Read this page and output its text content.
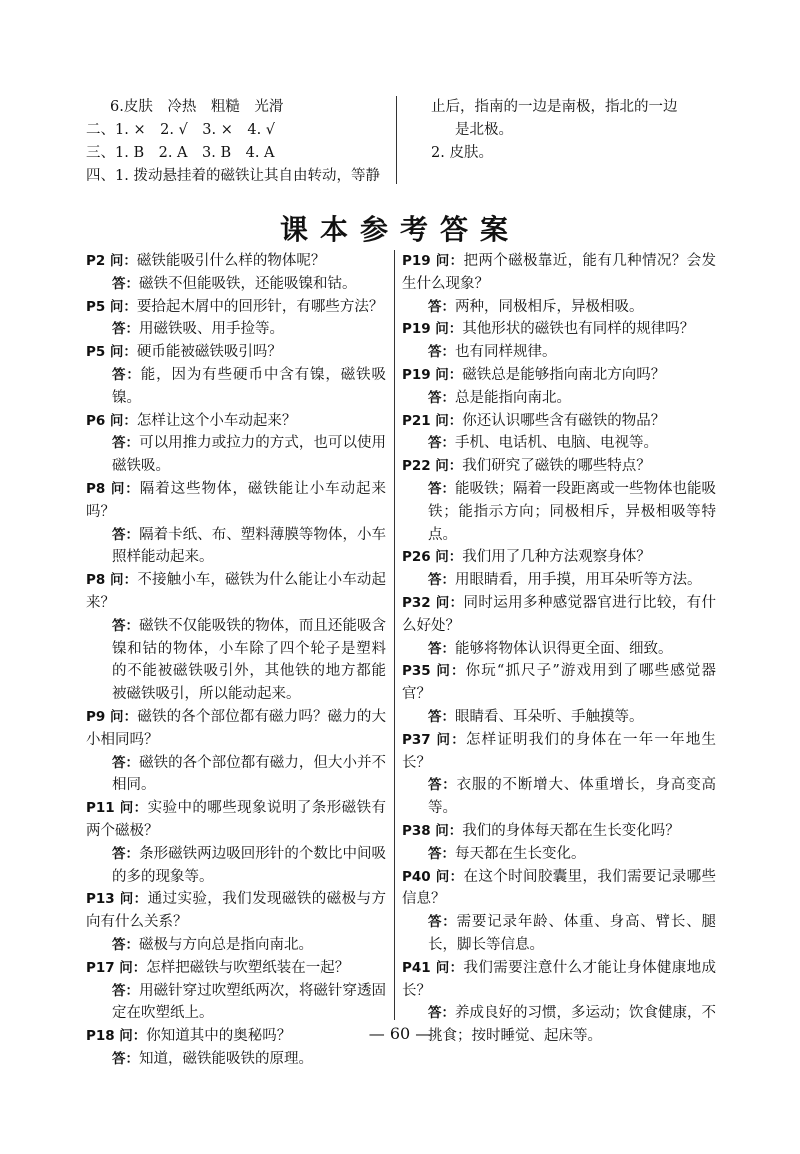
6.皮肤　冷热　粗糙　光滑
二、1. ×　2. √　3. ×　4. √
三、1. B　2. A　3. B　4. A
四、1. 拨动悬挂着的磁铁让其自由转动，等静
止后，指南的一边是南极，指北的一边
是北极。
2. 皮肤。
课本参考答案
P2 问：磁铁能吸引什么样的物体呢？
答：磁铁不但能吸铁，还能吸镍和钴。
P5 问：要拾起木屑中的回形针，有哪些方法？
答：用磁铁吸、用手捡等。
P5 问：硬币能被磁铁吸引吗？
答：能，因为有些硬币中含有镍，磁铁吸镍。
P6 问：怎样让这个小车动起来？
答：可以用推力或拉力的方式，也可以使用磁铁吸。
P8 问：隔着这些物体，磁铁能让小车动起来吗？
答：隔着卡纸、布、塑料薄膜等物体，小车照样能动起来。
P8 问：不接触小车，磁铁为什么能让小车动起来？
答：磁铁不仅能吸铁的物体，而且还能吸含镍和钴的物体，小车除了四个轮子是塑料的不能被磁铁吸引外，其他铁的地方都能被磁铁吸引，所以能动起来。
P9 问：磁铁的各个部位都有磁力吗？磁力的大小相同吗？
答：磁铁的各个部位都有磁力，但大小并不相同。
P11 问：实验中的哪些现象说明了条形磁铁有两个磁极？
答：条形磁铁两边吸回形针的个数比中间吸的多的现象等。
P13 问：通过实验，我们发现磁铁的磁极与方向有什么关系？
答：磁极与方向总是指向南北。
P17 问：怎样把磁铁与吹塑纸装在一起？
答：用磁针穿过吹塑纸两次，将磁针穿透固定在吹塑纸上。
P18 问：你知道其中的奥秘吗？
答：知道，磁铁能吸铁的原理。
P19 问：把两个磁极靠近，能有几种情况？会发生什么现象？
答：两种，同极相斥，异极相吸。
P19 问：其他形状的磁铁也有同样的规律吗？
答：也有同样规律。
P19 问：磁铁总是能够指向南北方向吗？
答：总是能指向南北。
P21 问：你还认识哪些含有磁铁的物品？
答：手机、电话机、电脑、电视等。
P22 问：我们研究了磁铁的哪些特点？
答：能吸铁；隔着一段距离或一些物体也能吸铁；能指示方向；同极相斥，异极相吸等特点。
P26 问：我们用了几种方法观察身体？
答：用眼睛看，用手摸，用耳朵听等方法。
P32 问：同时运用多种感觉器官进行比较，有什么好处？
答：能够将物体认识得更全面、细致。
P35 问：你玩“抓尺子”游戏用到了哪些感觉器官？
答：眼睛看、耳朵听、手触摸等。
P37 问：怎样证明我们的身体在一年一年地生长？
答：衣服的不断增大、体重增长，身高变高等。
P38 问：我们的身体每天都在生长变化吗？
答：每天都在生长变化。
P40 问：在这个时间胶囊里，我们需要记录哪些信息？
答：需要记录年龄、体重、身高、臂长、腿长，脚长等信息。
P41 问：我们需要注意什么才能让身体健康地成长？
答：养成良好的习惯，多运动；饮食健康，不挑食；按时睡觉、起床等。
— 60 —
